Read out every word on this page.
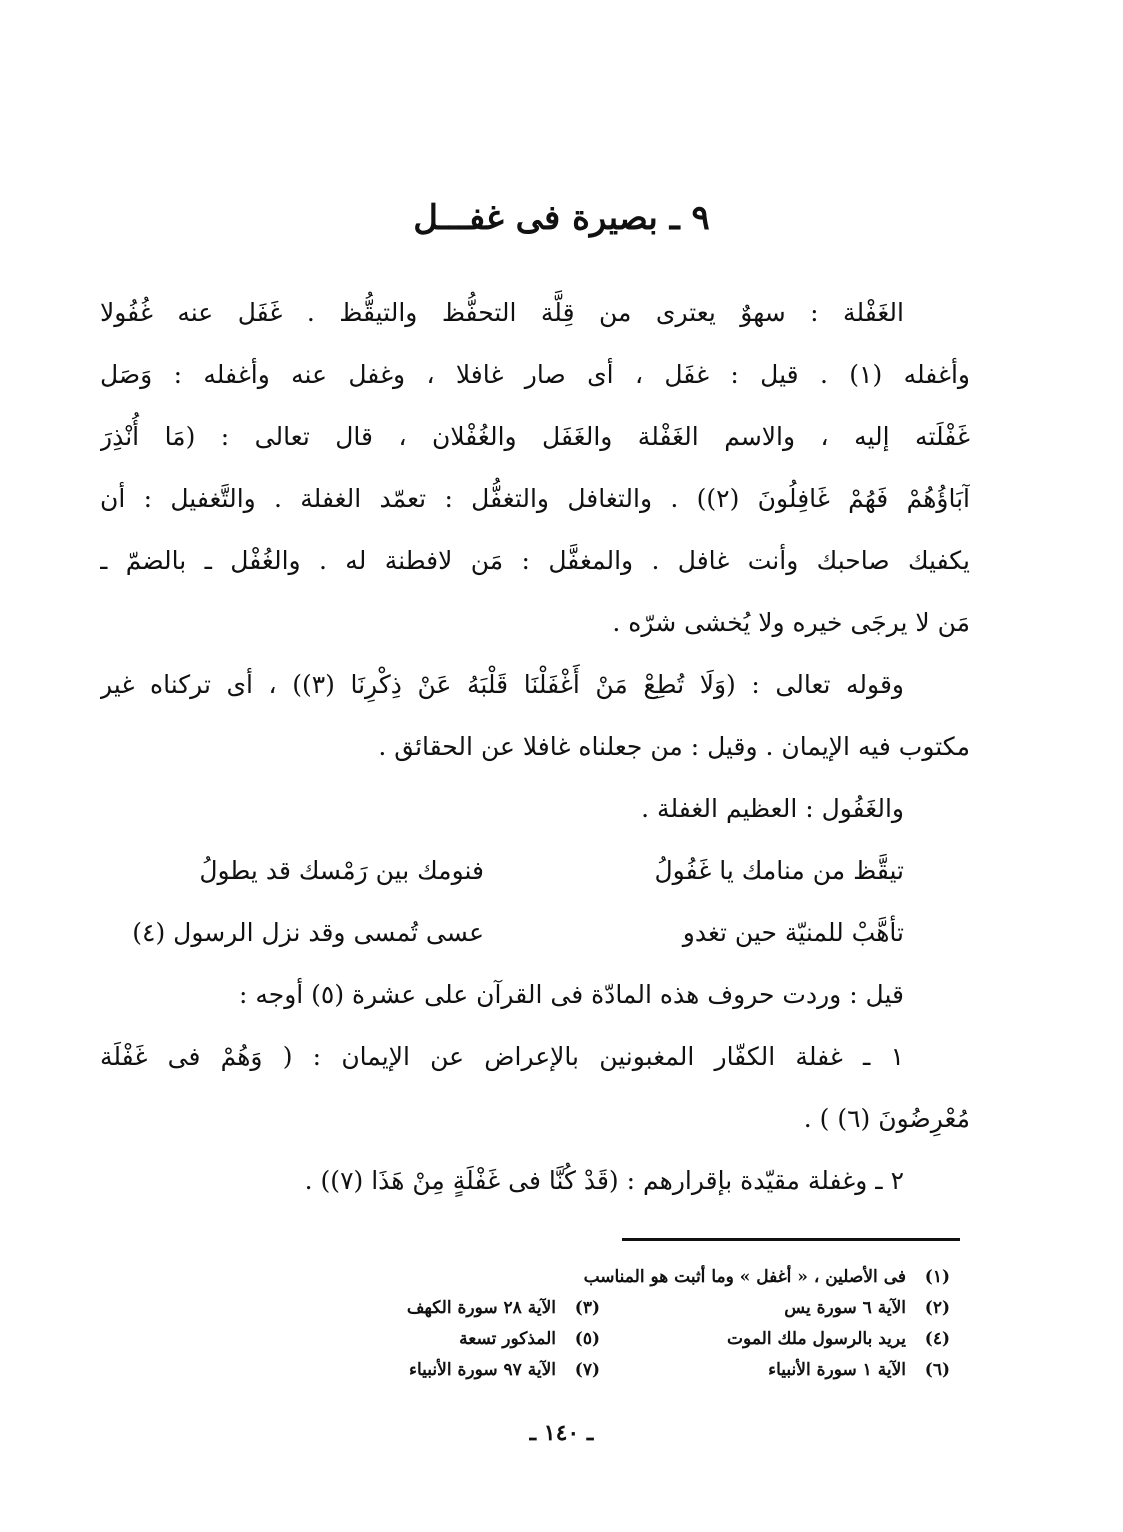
٩ ـ بصيرة فى غفـــل
الغَفْلة : سهوٌ يعترى من قِلَّة التحفُّظ والتيقُّظ . غَفَل عنه غُفُولا
وأغفله (١) . قيل : غفَل ، أى صار غافلا ، وغفل عنه وأغفله : وَصَل
غَفْلَته إليه ، والاسم الغَفْلة والغَفَل والغُفْلان ، قال تعالى : (مَا أُنْذِرَ
آبَاؤُهُمْ فَهُمْ غَافِلُونَ (٢)) . والتغافل والتغفُّل : تعمّد الغفلة . والتَّغفيل : أن
يكفيك صاحبك وأنت غافل . والمغفَّل : مَن لافطنة له . والغُفْل ـ بالضمّ ـ
مَن لا يرجَى خيره ولا يُخشى شرّه .
وقوله تعالى : (وَلَا تُطِعْ مَنْ أَغْفَلْنَا قَلْبَهُ عَنْ ذِكْرِنَا (٣)) ، أى تركناه غير
مكتوب فيه الإيمان . وقيل : من جعلناه غافلا عن الحقائق .
والغَفُول : العظيم الغفلة .
تيقَّظ من منامك يا غَفُولُ
فنومك بين رَمْسك قد يطولُ
تأهَّبْ للمنيّة حين تغدو
عسى تُمسى وقد نزل الرسول (٤)
قيل : وردت حروف هذه المادّة فى القرآن على عشرة (٥) أوجه :
١ ـ غفلة الكفّار المغبونين بالإعراض عن الإيمان : ( وَهُمْ فى غَفْلَة
مُعْرِضُونَ (٦) ) .
٢ ـ وغفلة مقيّدة بإقرارهم : (قَدْ كُنَّا فى غَفْلَةٍ مِنْ هَذَا (٧)) .
(١)فى الأصلين ، « أغفل » وما أثبت هو المناسب
(٢)الآية ٦ سورة يس
(٣)الآية ٢٨ سورة الكهف
(٤)يريد بالرسول ملك الموت
(٥)المذكور تسعة
(٦)الآية ١ سورة الأنبياء
(٧)الآية ٩٧ سورة الأنبياء
ـ ١٤٠ ـ
